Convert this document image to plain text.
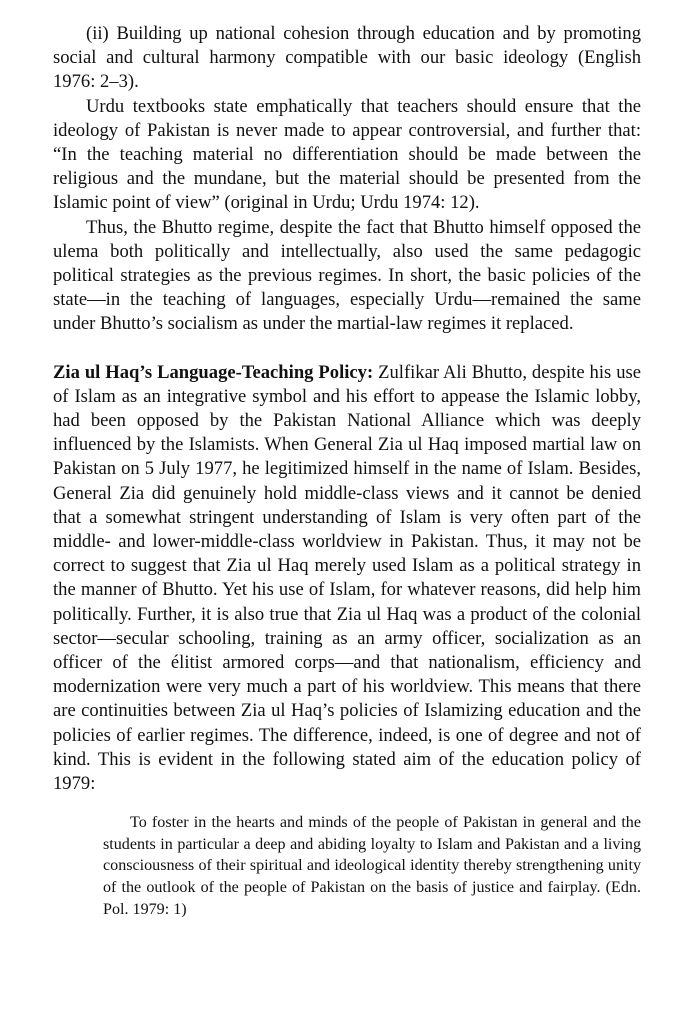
(ii) Building up national cohesion through education and by promoting social and cultural harmony compatible with our basic ideology (English 1976: 2–3).

Urdu textbooks state emphatically that teachers should ensure that the ideology of Pakistan is never made to appear controversial, and further that: “In the teaching material no differentiation should be made between the religious and the mundane, but the material should be presented from the Islamic point of view” (original in Urdu; Urdu 1974: 12).

Thus, the Bhutto regime, despite the fact that Bhutto himself opposed the ulema both politically and intellectually, also used the same pedagogic political strategies as the previous regimes. In short, the basic policies of the state—in the teaching of languages, especially Urdu—remained the same under Bhutto’s socialism as under the martial-law regimes it replaced.

Zia ul Haq’s Language-Teaching Policy: Zulfikar Ali Bhutto, despite his use of Islam as an integrative symbol and his effort to appease the Islamic lobby, had been opposed by the Pakistan National Alliance which was deeply influenced by the Islamists. When General Zia ul Haq imposed martial law on Pakistan on 5 July 1977, he legitimized himself in the name of Islam. Besides, General Zia did genuinely hold middle-class views and it cannot be denied that a somewhat stringent understanding of Islam is very often part of the middle- and lower-middle-class worldview in Pakistan. Thus, it may not be correct to suggest that Zia ul Haq merely used Islam as a political strategy in the manner of Bhutto. Yet his use of Islam, for whatever reasons, did help him politically. Further, it is also true that Zia ul Haq was a product of the colonial sector—secular schooling, training as an army officer, socialization as an officer of the élitist armored corps—and that nationalism, efficiency and modernization were very much a part of his worldview. This means that there are continuities between Zia ul Haq’s policies of Islamizing education and the policies of earlier regimes. The difference, indeed, is one of degree and not of kind. This is evident in the following stated aim of the education policy of 1979:

To foster in the hearts and minds of the people of Pakistan in general and the students in particular a deep and abiding loyalty to Islam and Pakistan and a living consciousness of their spiritual and ideological identity thereby strengthening unity of the outlook of the people of Pakistan on the basis of justice and fairplay. (Edn. Pol. 1979: 1)
